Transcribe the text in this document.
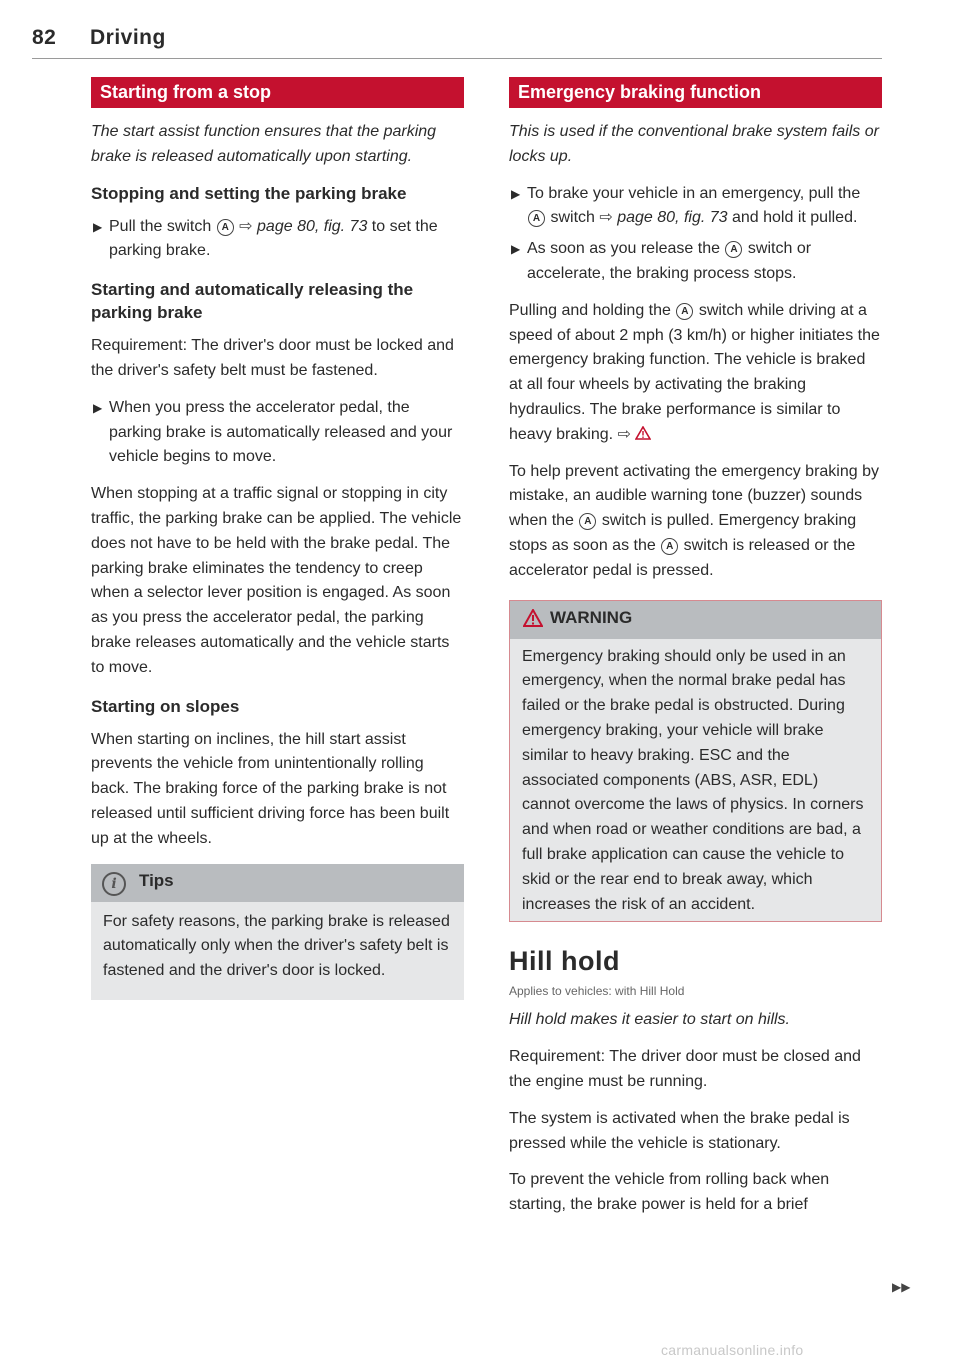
82 Driving
Starting from a stop

The start assist function ensures that the parking brake is released automatically upon starting.

Stopping and setting the parking brake

▶ Pull the switch A ⇨ page 80, fig. 73 to set the parking brake.

Starting and automatically releasing the parking brake

Requirement: The driver's door must be locked and the driver's safety belt must be fastened.

▶ When you press the accelerator pedal, the parking brake is automatically released and your vehicle begins to move.

When stopping at a traffic signal or stopping in city traffic, the parking brake can be applied. The vehicle does not have to be held with the brake pedal. The parking brake eliminates the tendency to creep when a selector lever position is engaged. As soon as you press the accelerator pedal, the parking brake releases automatically and the vehicle starts to move.

Starting on slopes

When starting on inclines, the hill start assist prevents the vehicle from unintentionally rolling back. The braking force of the parking brake is not released until sufficient driving force has been built up at the wheels.

i	Tips

For safety reasons, the parking brake is released automatically only when the driver's safety belt is fastened and the driver's door is locked.

Emergency braking function

This is used if the conventional brake system fails or locks up.

▶ To brake your vehicle in an emergency, pull the A switch ⇨ page 80, fig. 73 and hold it pulled.

▶ As soon as you release the A switch or accelerate, the braking process stops.

Pulling and holding the A switch while driving at a speed of about 2 mph (3 km/h) or higher initiates the emergency braking function. The vehicle is braked at all four wheels by activating the braking hydraulics. The brake performance is similar to heavy braking. ⇨

To help prevent activating the emergency braking by mistake, an audible warning tone (buzzer) sounds when the A switch is pulled. Emergency braking stops as soon as the A switch is released or the accelerator pedal is pressed.

WARNING

Emergency braking should only be used in an emergency, when the normal brake pedal has failed or the brake pedal is obstructed. During emergency braking, your vehicle will brake similar to heavy braking. ESC and the associated components (ABS, ASR, EDL) cannot overcome the laws of physics. In corners and when road or weather conditions are bad, a full brake application can cause the vehicle to skid or the rear end to break away, which increases the risk of an accident.

Hill hold
Applies to vehicles: with Hill Hold

Hill hold makes it easier to start on hills.

Requirement: The driver door must be closed and the engine must be running.

The system is activated when the brake pedal is pressed while the vehicle is stationary.

To prevent the vehicle from rolling back when starting, the brake power is held for a brief

▶▶
carmanualsonline.info
